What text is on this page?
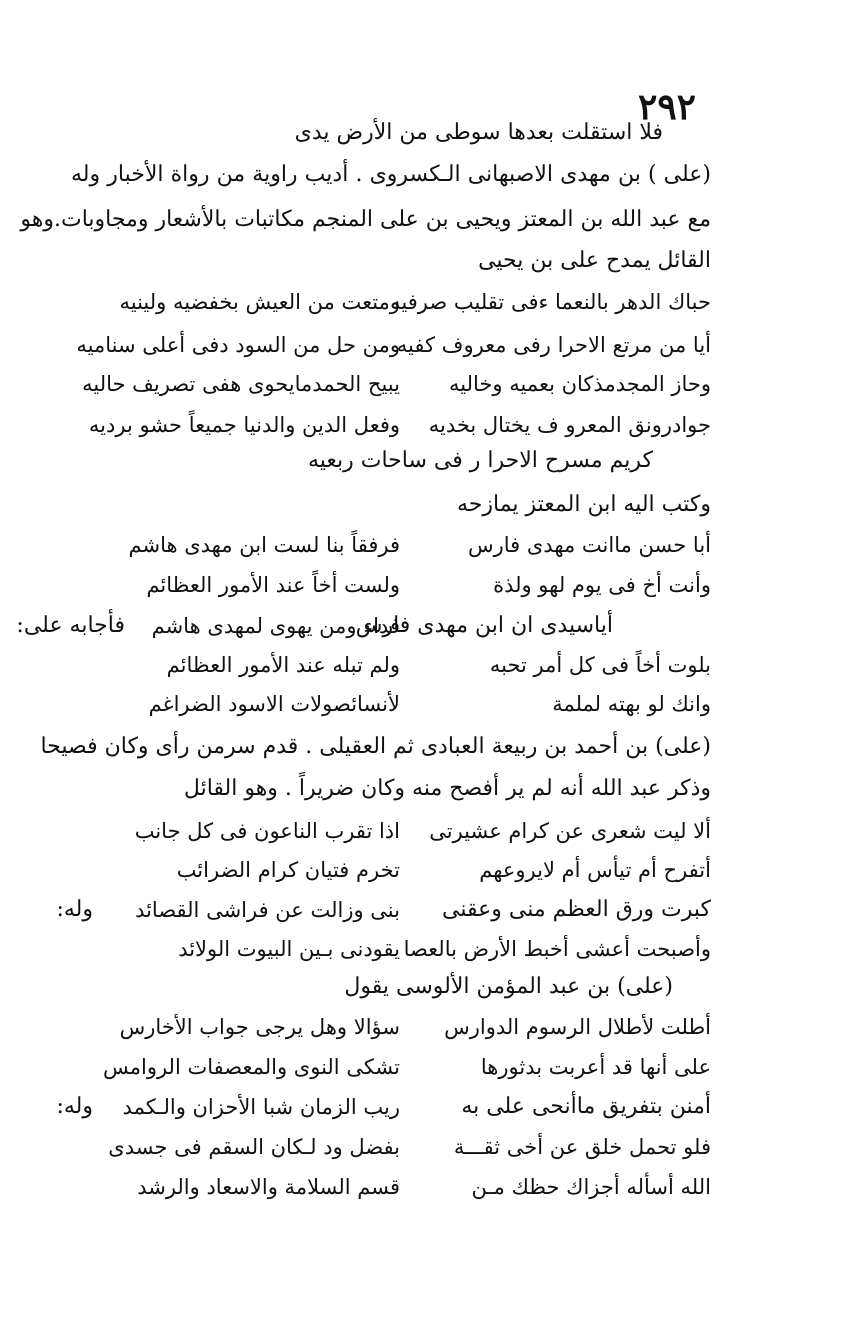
٢٩٢
فلا استقلت بعدها سوطى من الأرض يدى
(على ) بن مهدى الاصبهانى الـكسروى . أديب راوية من رواة الأخبار وله
مع عبد الله بن المعتز ويحيى بن على المنجم مكاتبات بالأشعار ومجاوبات.وهو
القائل يمدح على بن يحيى
حباك الدهر بالنعما ءفى تقليب صرفيه
ومتعت من العيش بخفضيه ولينيه
أيا من مرتع الاحرا رفى معروف كفيه
ومن حل من السود دفى أعلى سناميه
وحاز المجدمذكان بعميه وخاليه
يبيح الحمدمايحوى هفى تصريف حاليه
جوادرونق المعرو ف يختال بخديه
وفعل الدين والدنيا جميعاً حشو برديه
كريم مسرح الاحرا ر فى ساحات ربعيه
وكتب اليه ابن المعتز يمازحه
أبا حسن ماانت مهدى فارس
فرفقاً بنا لست ابن مهدى هاشم
وأنت أخ فى يوم لهو ولذة
ولست أخاً عند الأمور العظائم
فأجابه على:	أياسيدى ان ابن مهدى فارس
فداء ومن يهوى لمهدى هاشم
بلوت أخاً فى كل أمر تحبه
ولم تبله عند الأمور العظائم
وانك لو بهته لملمة
لأنسائصولات الاسود الضراغم
(على) بن أحمد بن ربيعة العبادى ثم العقيلى . قدم سرمن رأى وكان فصيحا
وذكر عبد الله أنه لم ير أفصح منه وكان ضريراً . وهو القائل
ألا ليت شعرى عن كرام عشيرتى
اذا تقرب الناعون فى كل جانب
أتفرح أم تيأس أم لايروعهم
تخرم فتيان كرام الضرائب
وله:	كبرت ورق العظم منى وعقنى
بنى وزالت عن فراشى القصائد
وأصبحت أعشى أخبط الأرض بالعصا
يقودنى بـين البيوت الولائد
(على) بن عبد المؤمن الألوسى يقول
أطلت لأطلال الرسوم الدوارس
سؤالا وهل يرجى جواب الأخارس
على أنها قد أعربت بدثورها
تشكى النوى والمعصفات الروامس
وله:	أمنن بتفريق ماأنحى على به
ريب الزمان شبا الأحزان والـكمد
فلو تحمل خلق عن أخى ثقـــة
بفضل ود لـكان السقم فى جسدى
الله أسأله أجزاك حظك مـن
قسم السلامة والاسعاد والرشد
